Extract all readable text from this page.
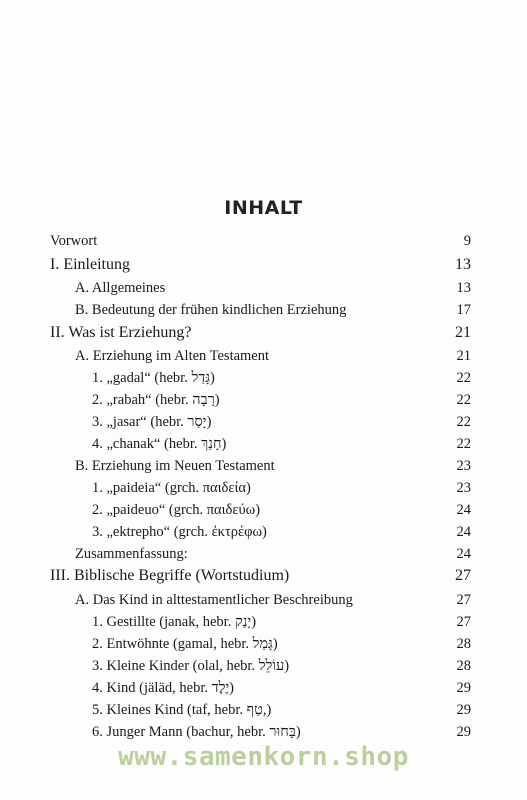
INHALT
Vorwort	9
I. Einleitung	13
A. Allgemeines	13
B. Bedeutung der frühen kindlichen Erziehung	17
II. Was ist Erziehung?	21
A. Erziehung im Alten Testament	21
1. „gadal“ (hebr. גָּדַל)	22
2. „rabah“ (hebr. רָבָה)	22
3. „jasar“ (hebr. יָסַר)	22
4. „chanak“ (hebr. חָנַךְ)	22
B. Erziehung im Neuen Testament	23
1. „paideia“ (grch. παιδεία)	23
2. „paideuo“ (grch. παιδεύω)	24
3. „ektrepho“ (grch. ἐκτρέφω)	24
Zusammenfassung:	24
III. Biblische Begriffe (Wortstudium)	27
A. Das Kind in alttestamentlicher Beschreibung	27
1. Gestillte (janak, hebr. יָנַק)	27
2. Entwöhnte (gamal, hebr. גָּמַל)	28
3. Kleine Kinder (olal, hebr. עוֹלֵל)	28
4. Kind (jäläd, hebr. יֶלֶד)	29
5. Kleines Kind (taf, hebr. טַף,)	29
6. Junger Mann (bachur, hebr. בָּחוּר)	29
www.samenkorn.shop
